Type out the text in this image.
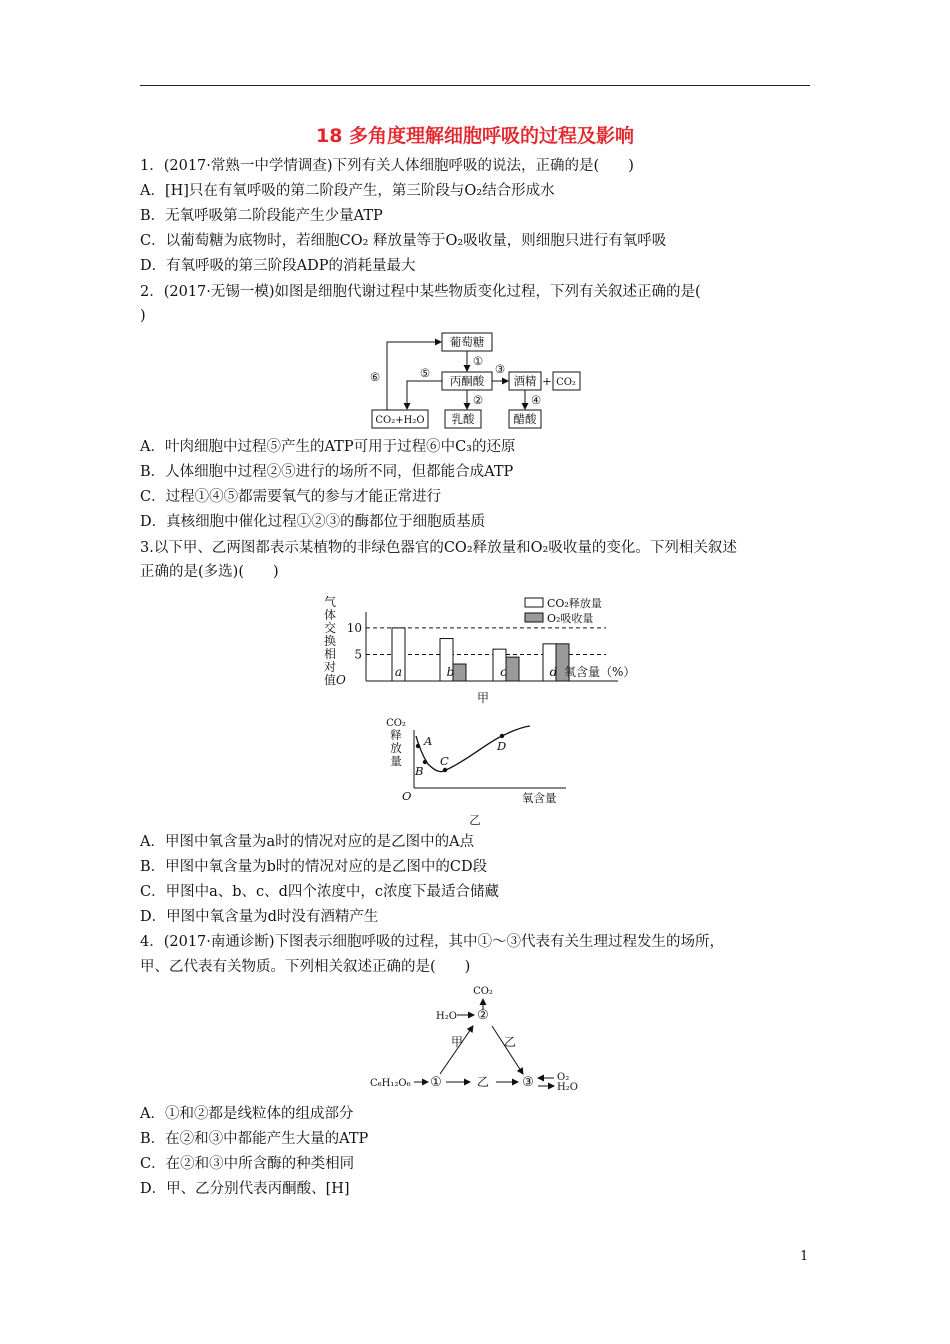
18 多角度理解细胞呼吸的过程及影响
1．(2017·常熟一中学情调查)下列有关人体细胞呼吸的说法，正确的是(　　)
A．[H]只在有氧呼吸的第二阶段产生，第三阶段与O₂结合形成水
B．无氧呼吸第二阶段能产生少量ATP
C．以葡萄糖为底物时，若细胞CO₂ 释放量等于O₂吸收量，则细胞只进行有氧呼吸
D．有氧呼吸的第三阶段ADP的消耗量最大
2．(2017·无锡一模)如图是细胞代谢过程中某些物质变化过程，下列有关叙述正确的是(
)
葡萄糖
丙酮酸	酒精 + CO₂
CO₂+H₂O 乳酸	醋酸
①
②
③
④
⑤
⑥
A．叶肉细胞中过程⑤产生的ATP可用于过程⑥中C₃的还原
B．人体细胞中过程②⑤进行的场所不同，但都能合成ATP
C．过程①④⑤都需要氧气的参与才能正常进行
D．真核细胞中催化过程①②③的酶都位于细胞质基质
3.以下甲、乙两图都表示某植物的非绿色器官的CO₂释放量和O₂吸收量的变化。下列相关叙述
正确的是(多选)(　　)
气
体
交
换
相
对
值 O
5
10
a	b	c	d 氧含量（%）
CO₂释放量
O₂吸收量
甲
CO₂
释
放
量
O
A
B
C
D
氧含量
乙
A．甲图中氧含量为a时的情况对应的是乙图中的A点
B．甲图中氧含量为b时的情况对应的是乙图中的CD段
C．甲图中a、b、c、d四个浓度中，c浓度下最适合储藏
D．甲图中氧含量为d时没有酒精产生
4．(2017·南通诊断)下图表示细胞呼吸的过程，其中①～③代表有关生理过程发生的场所，
甲、乙代表有关物质。下列相关叙述正确的是(　　)
CO₂
②
H₂O
甲	乙
C₆H₁₂O₆ ①	乙	③ O₂
H₂O
A．①和②都是线粒体的组成部分
B．在②和③中都能产生大量的ATP
C．在②和③中所含酶的种类相同
D．甲、乙分别代表丙酮酸、[H]
1
